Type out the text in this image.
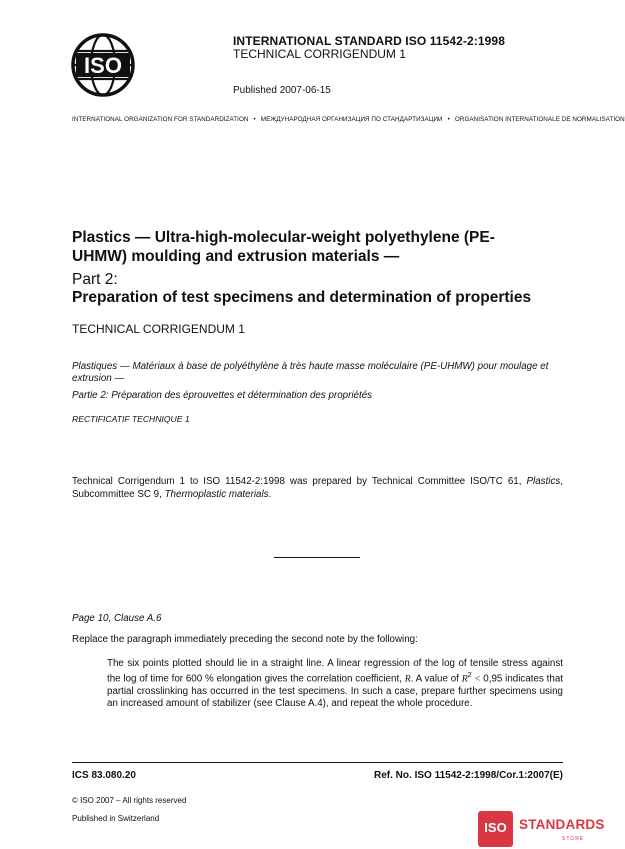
ISO
INTERNATIONAL STANDARD ISO 11542-2:1998
TECHNICAL CORRIGENDUM 1
Published 2007-06-15
INTERNATIONAL ORGANIZATION FOR STANDARDIZATION • МЕЖДУНАРОДНАЯ ОРГАНИЗАЦИЯ ПО СТАНДАРТИЗАЦИИ • ORGANISATION INTERNATIONALE DE NORMALISATION
Plastics — Ultra-high-molecular-weight polyethylene (PE-UHMW) moulding and extrusion materials —
Part 2:
Preparation of test specimens and determination of properties
TECHNICAL CORRIGENDUM 1
Plastiques — Matériaux à base de polyéthylène à très haute masse moléculaire (PE-UHMW) pour moulage et extrusion —
Partie 2: Préparation des éprouvettes et détermination des propriétés
RECTIFICATIF TECHNIQUE 1
Technical Corrigendum 1 to ISO 11542-2:1998 was prepared by Technical Committee ISO/TC 61, Plastics, Subcommittee SC 9, Thermoplastic materials.
Page 10, Clause A.6
Replace the paragraph immediately preceding the second note by the following:
The six points plotted should lie in a straight line. A linear regression of the log of tensile stress against the log of time for 600 % elongation gives the correlation coefficient, R. A value of $R^2 < 0,95$ indicates that partial crosslinking has occurred in the test specimens. In such a case, prepare further specimens using an increased amount of stabilizer (see Clause A.4), and repeat the whole procedure.
ICS 83.080.20	Ref. No. ISO 11542-2:1998/Cor.1:2007(E)
© ISO 2007 – All rights reserved
Published in Switzerland
ISO STANDARDS
STORE
